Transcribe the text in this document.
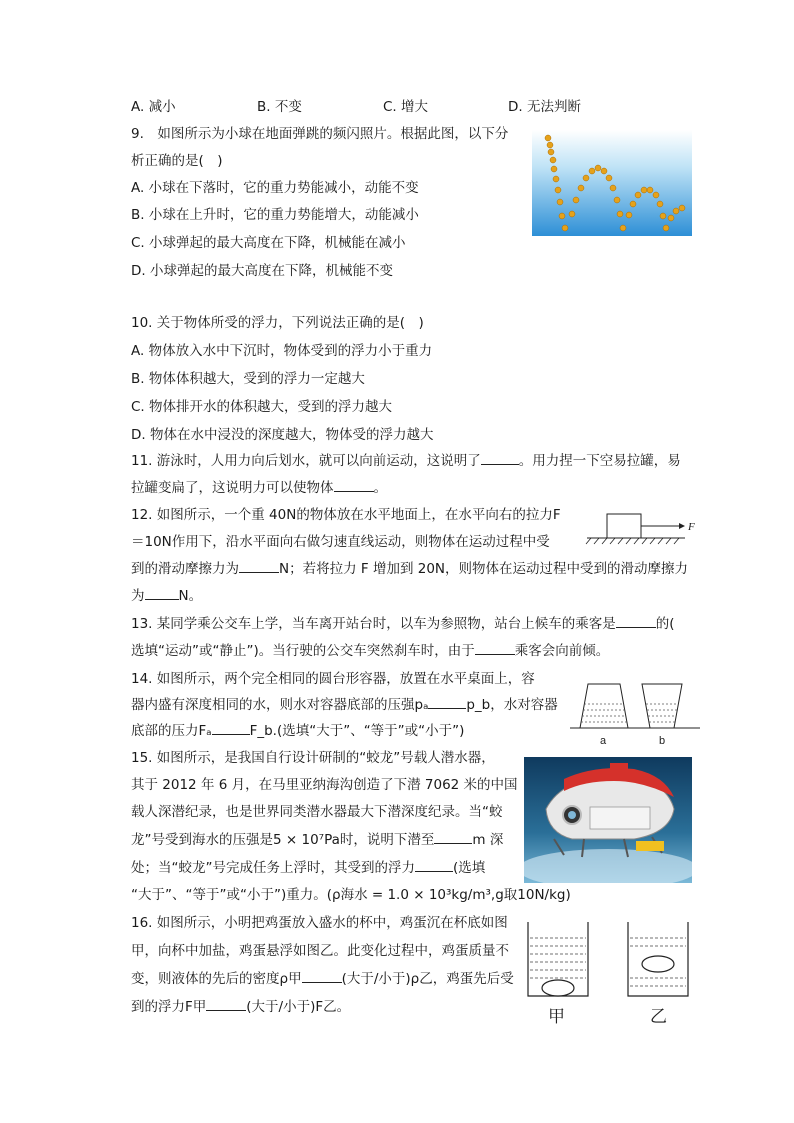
A. 减小	B. 不变	C. 增大	D. 无法判断
9.　如图所示为小球在地面弹跳的频闪照片。根据此图，以下分
析正确的是(　)
A. 小球在下落时，它的重力势能减小，动能不变
B. 小球在上升时，它的重力势能增大，动能减小
C. 小球弹起的最大高度在下降，机械能在减小
D. 小球弹起的最大高度在下降，机械能不变
10. 关于物体所受的浮力，下列说法正确的是(　)
A. 物体放入水中下沉时，物体受到的浮力小于重力
B. 物体体积越大，受到的浮力一定越大
C. 物体排开水的体积越大，受到的浮力越大
D. 物体在水中浸没的深度越大，物体受的浮力越大
11. 游泳时，人用力向后划水，就可以向前运动，这说明了	。用力捏一下空易拉罐，易
拉罐变扁了，这说明力可以使物体	。
12. 如图所示，一个重 40N的物体放在水平地面上，在水平向右的拉力F
＝10N作用下，沿水平面向右做匀速直线运动，则物体在运动过程中受
到的滑动摩擦力为	N；若将拉力 F 增加到 20N，则物体在运动过程中受到的滑动摩擦力
为	N。
F
13. 某同学乘公交车上学，当车离开站台时，以车为参照物，站台上候车的乘客是	的(
选填“运动”或“静止”)。当行驶的公交车突然刹车时，由于	乘客会向前倾。
14. 如图所示，两个完全相同的圆台形容器，放置在水平桌面上，容
器内盛有深度相同的水，则水对容器底部的压强pₐ	p_b，水对容器
底部的压力Fₐ	F_b.(选填“大于”、“等于”或“小于”)
a	b
15. 如图所示，是我国自行设计研制的“蛟龙”号载人潜水器，
其于 2012 年 6 月，在马里亚纳海沟创造了下潜 7062 米的中国
载人深潜纪录，也是世界同类潜水器最大下潜深度纪录。当“蛟
龙”号受到海水的压强是5 × 10⁷Pa时，说明下潜至	m 深
处；当“蛟龙”号完成任务上浮时，其受到的浮力	(选填
“大于”、“等于”或“小于”)重力。(ρ海水 = 1.0 × 10³kg/m³,g取10N/kg)
16. 如图所示，小明把鸡蛋放入盛水的杯中，鸡蛋沉在杯底如图
甲，向杯中加盐，鸡蛋悬浮如图乙。此变化过程中，鸡蛋质量不
变，则液体的先后的密度ρ甲	(大于/小于)ρ乙，鸡蛋先后受
到的浮力F甲	(大于/小于)F乙。	甲	乙
